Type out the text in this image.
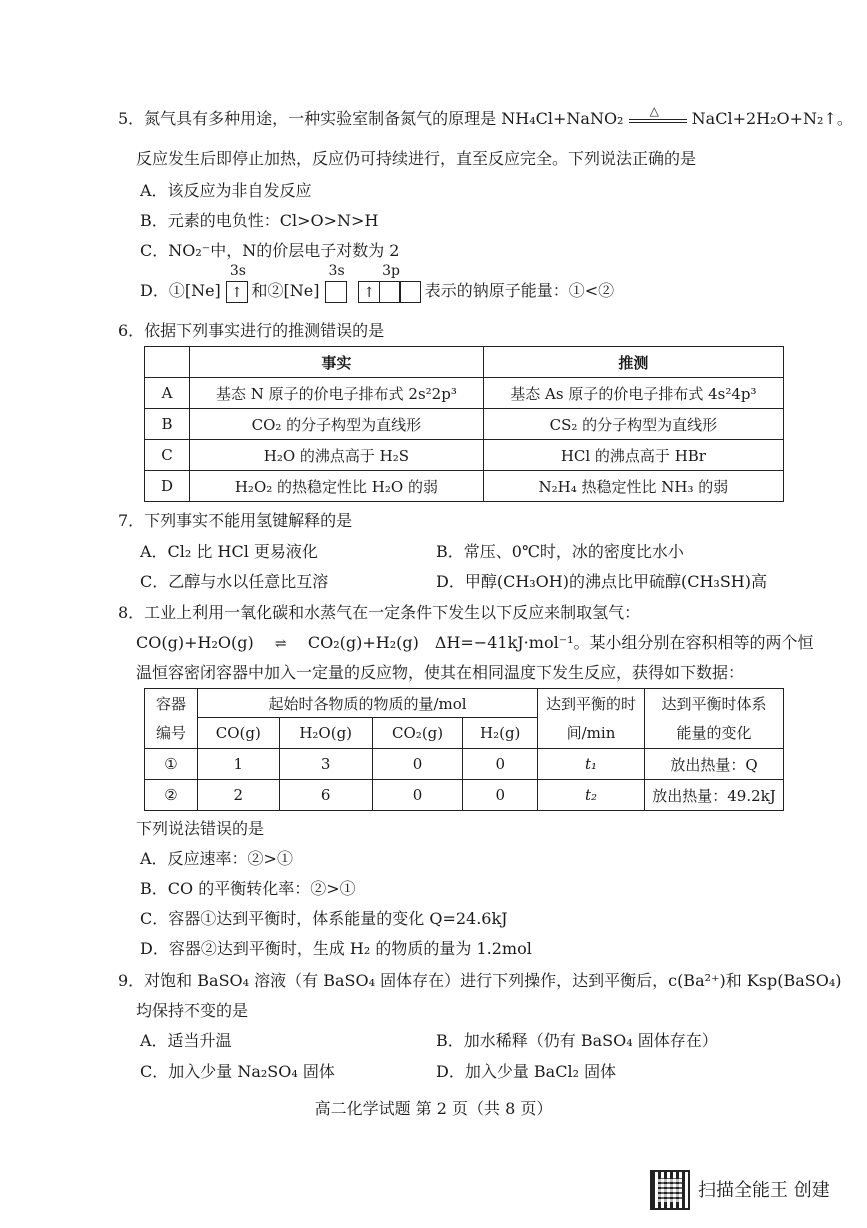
5．氮气具有多种用途，一种实验室制备氮气的原理是 NH₄Cl+NaNO₂ △ NaCl+2H₂O+N₂↑。
反应发生后即停止加热，反应仍可持续进行，直至反应完全。下列说法正确的是
A．该反应为非自发反应
B．元素的电负性：Cl>O>N>H
C．NO₂⁻中，N的价层电子对数为 2
D．①[Ne]
3s
↑ 和②[Ne]
3s
	3p
↑	表示的钠原子能量：①<②
6．依据下列事实进行的推测错误的是
	事实	推测
A	基态 N 原子的价电子排布式 2s²2p³	基态 As 原子的价电子排布式 4s²4p³
B	CO₂ 的分子构型为直线形	CS₂ 的分子构型为直线形
C	H₂O 的沸点高于 H₂S	HCl 的沸点高于 HBr
D	H₂O₂ 的热稳定性比 H₂O 的弱	N₂H₄ 热稳定性比 NH₃ 的弱
7．下列事实不能用氢键解释的是
A．Cl₂ 比 HCl 更易液化	B．常压、0℃时，冰的密度比水小
C．乙醇与水以任意比互溶	D．甲醇(CH₃OH)的沸点比甲硫醇(CH₃SH)高
8．工业上利用一氧化碳和水蒸气在一定条件下发生以下反应来制取氢气：
CO(g)+H₂O(g) ⇌ CO₂(g)+H₂(g)　ΔH=−41kJ·mol⁻¹。某小组分别在容积相等的两个恒
温恒容密闭容器中加入一定量的反应物，使其在相同温度下发生反应，获得如下数据：
容器	起始时各物质的物质的量/mol				达到平衡的时	达到平衡时体系
编号	CO(g)	H₂O(g)	CO₂(g)	H₂(g)	间/min	能量的变化
①	1	3	0	0	t₁	放出热量：Q
②	2	6	0	0	t₂	放出热量：49.2kJ
下列说法错误的是
A．反应速率：②>①
B．CO 的平衡转化率：②>①
C．容器①达到平衡时，体系能量的变化 Q=24.6kJ
D．容器②达到平衡时，生成 H₂ 的物质的量为 1.2mol
9．对饱和 BaSO₄ 溶液（有 BaSO₄ 固体存在）进行下列操作，达到平衡后，c(Ba²⁺)和 Ksp(BaSO₄)
均保持不变的是
A．适当升温	B．加水稀释（仍有 BaSO₄ 固体存在）
C．加入少量 Na₂SO₄ 固体	D．加入少量 BaCl₂ 固体
高二化学试题 第 2 页（共 8 页）
扫描全能王 创建
